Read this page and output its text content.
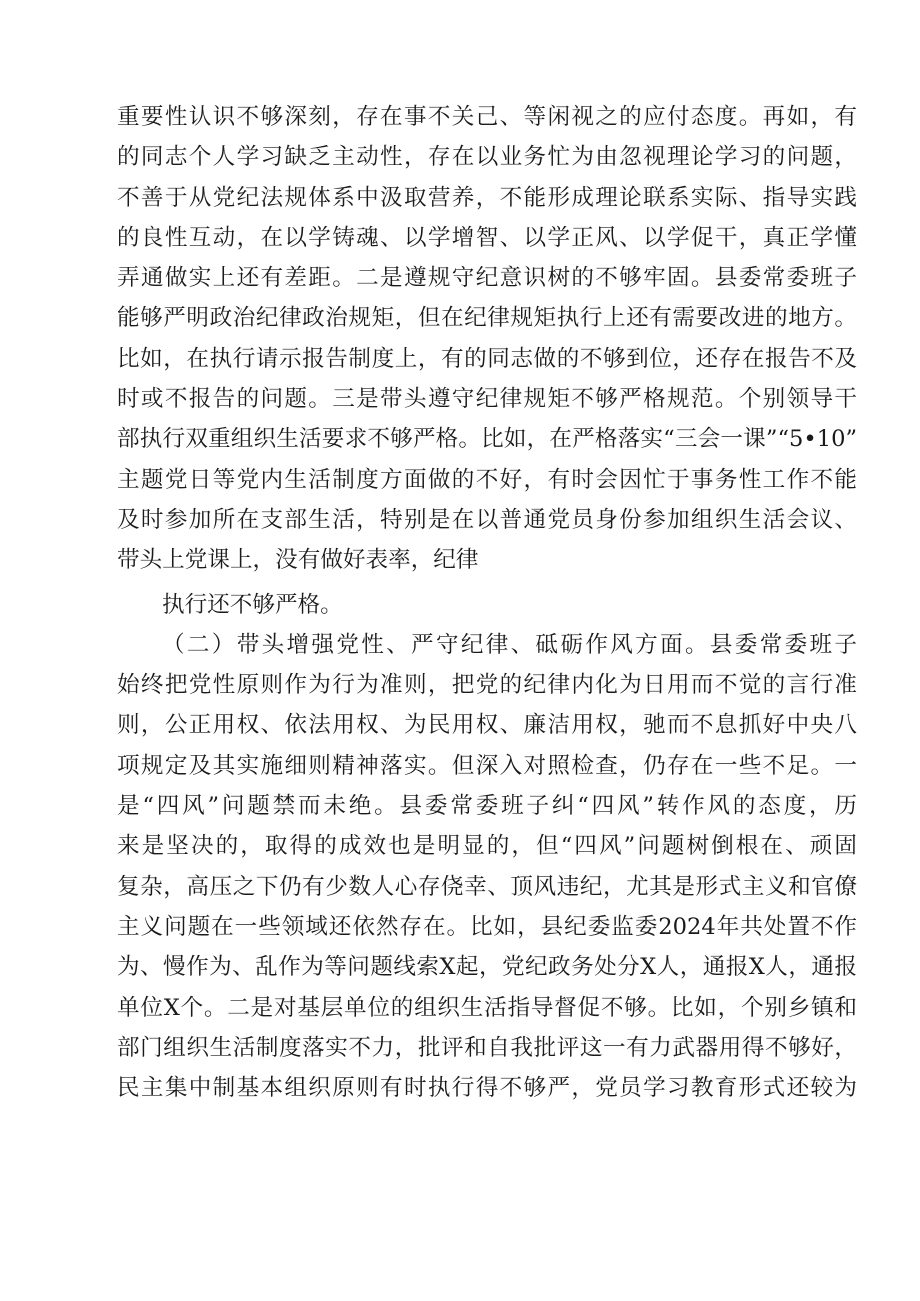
重要性认识不够深刻，存在事不关己、等闲视之的应付态度。再如，有
的同志个人学习缺乏主动性，存在以业务忙为由忽视理论学习的问题，
不善于从党纪法规体系中汲取营养，不能形成理论联系实际、指导实践
的良性互动，在以学铸魂、以学增智、以学正风、以学促干，真正学懂
弄通做实上还有差距。二是遵规守纪意识树的不够牢固。县委常委班子
能够严明政治纪律政治规矩，但在纪律规矩执行上还有需要改进的地方。
比如，在执行请示报告制度上，有的同志做的不够到位，还存在报告不及
时或不报告的问题。三是带头遵守纪律规矩不够严格规范。个别领导干
部执行双重组织生活要求不够严格。比如，在严格落实“三会一课”“5•10”
主题党日等党内生活制度方面做的不好，有时会因忙于事务性工作不能
及时参加所在支部生活，特别是在以普通党员身份参加组织生活会议、
带头上党课上，没有做好表率，纪律
执行还不够严格。
（二）带头增强党性、严守纪律、砥砺作风方面。县委常委班子
始终把党性原则作为行为准则，把党的纪律内化为日用而不觉的言行准
则，公正用权、依法用权、为民用权、廉洁用权，驰而不息抓好中央八
项规定及其实施细则精神落实。但深入对照检查，仍存在一些不足。一
是“四风”问题禁而未绝。县委常委班子纠“四风”转作风的态度，历
来是坚决的，取得的成效也是明显的，但“四风”问题树倒根在、顽固
复杂，高压之下仍有少数人心存侥幸、顶风违纪，尤其是形式主义和官僚
主义问题在一些领域还依然存在。比如，县纪委监委2024年共处置不作
为、慢作为、乱作为等问题线索X起，党纪政务处分X人，通报X人，通报
单位X个。二是对基层单位的组织生活指导督促不够。比如，个别乡镇和
部门组织生活制度落实不力，批评和自我批评这一有力武器用得不够好，
民主集中制基本组织原则有时执行得不够严，党员学习教育形式还较为
